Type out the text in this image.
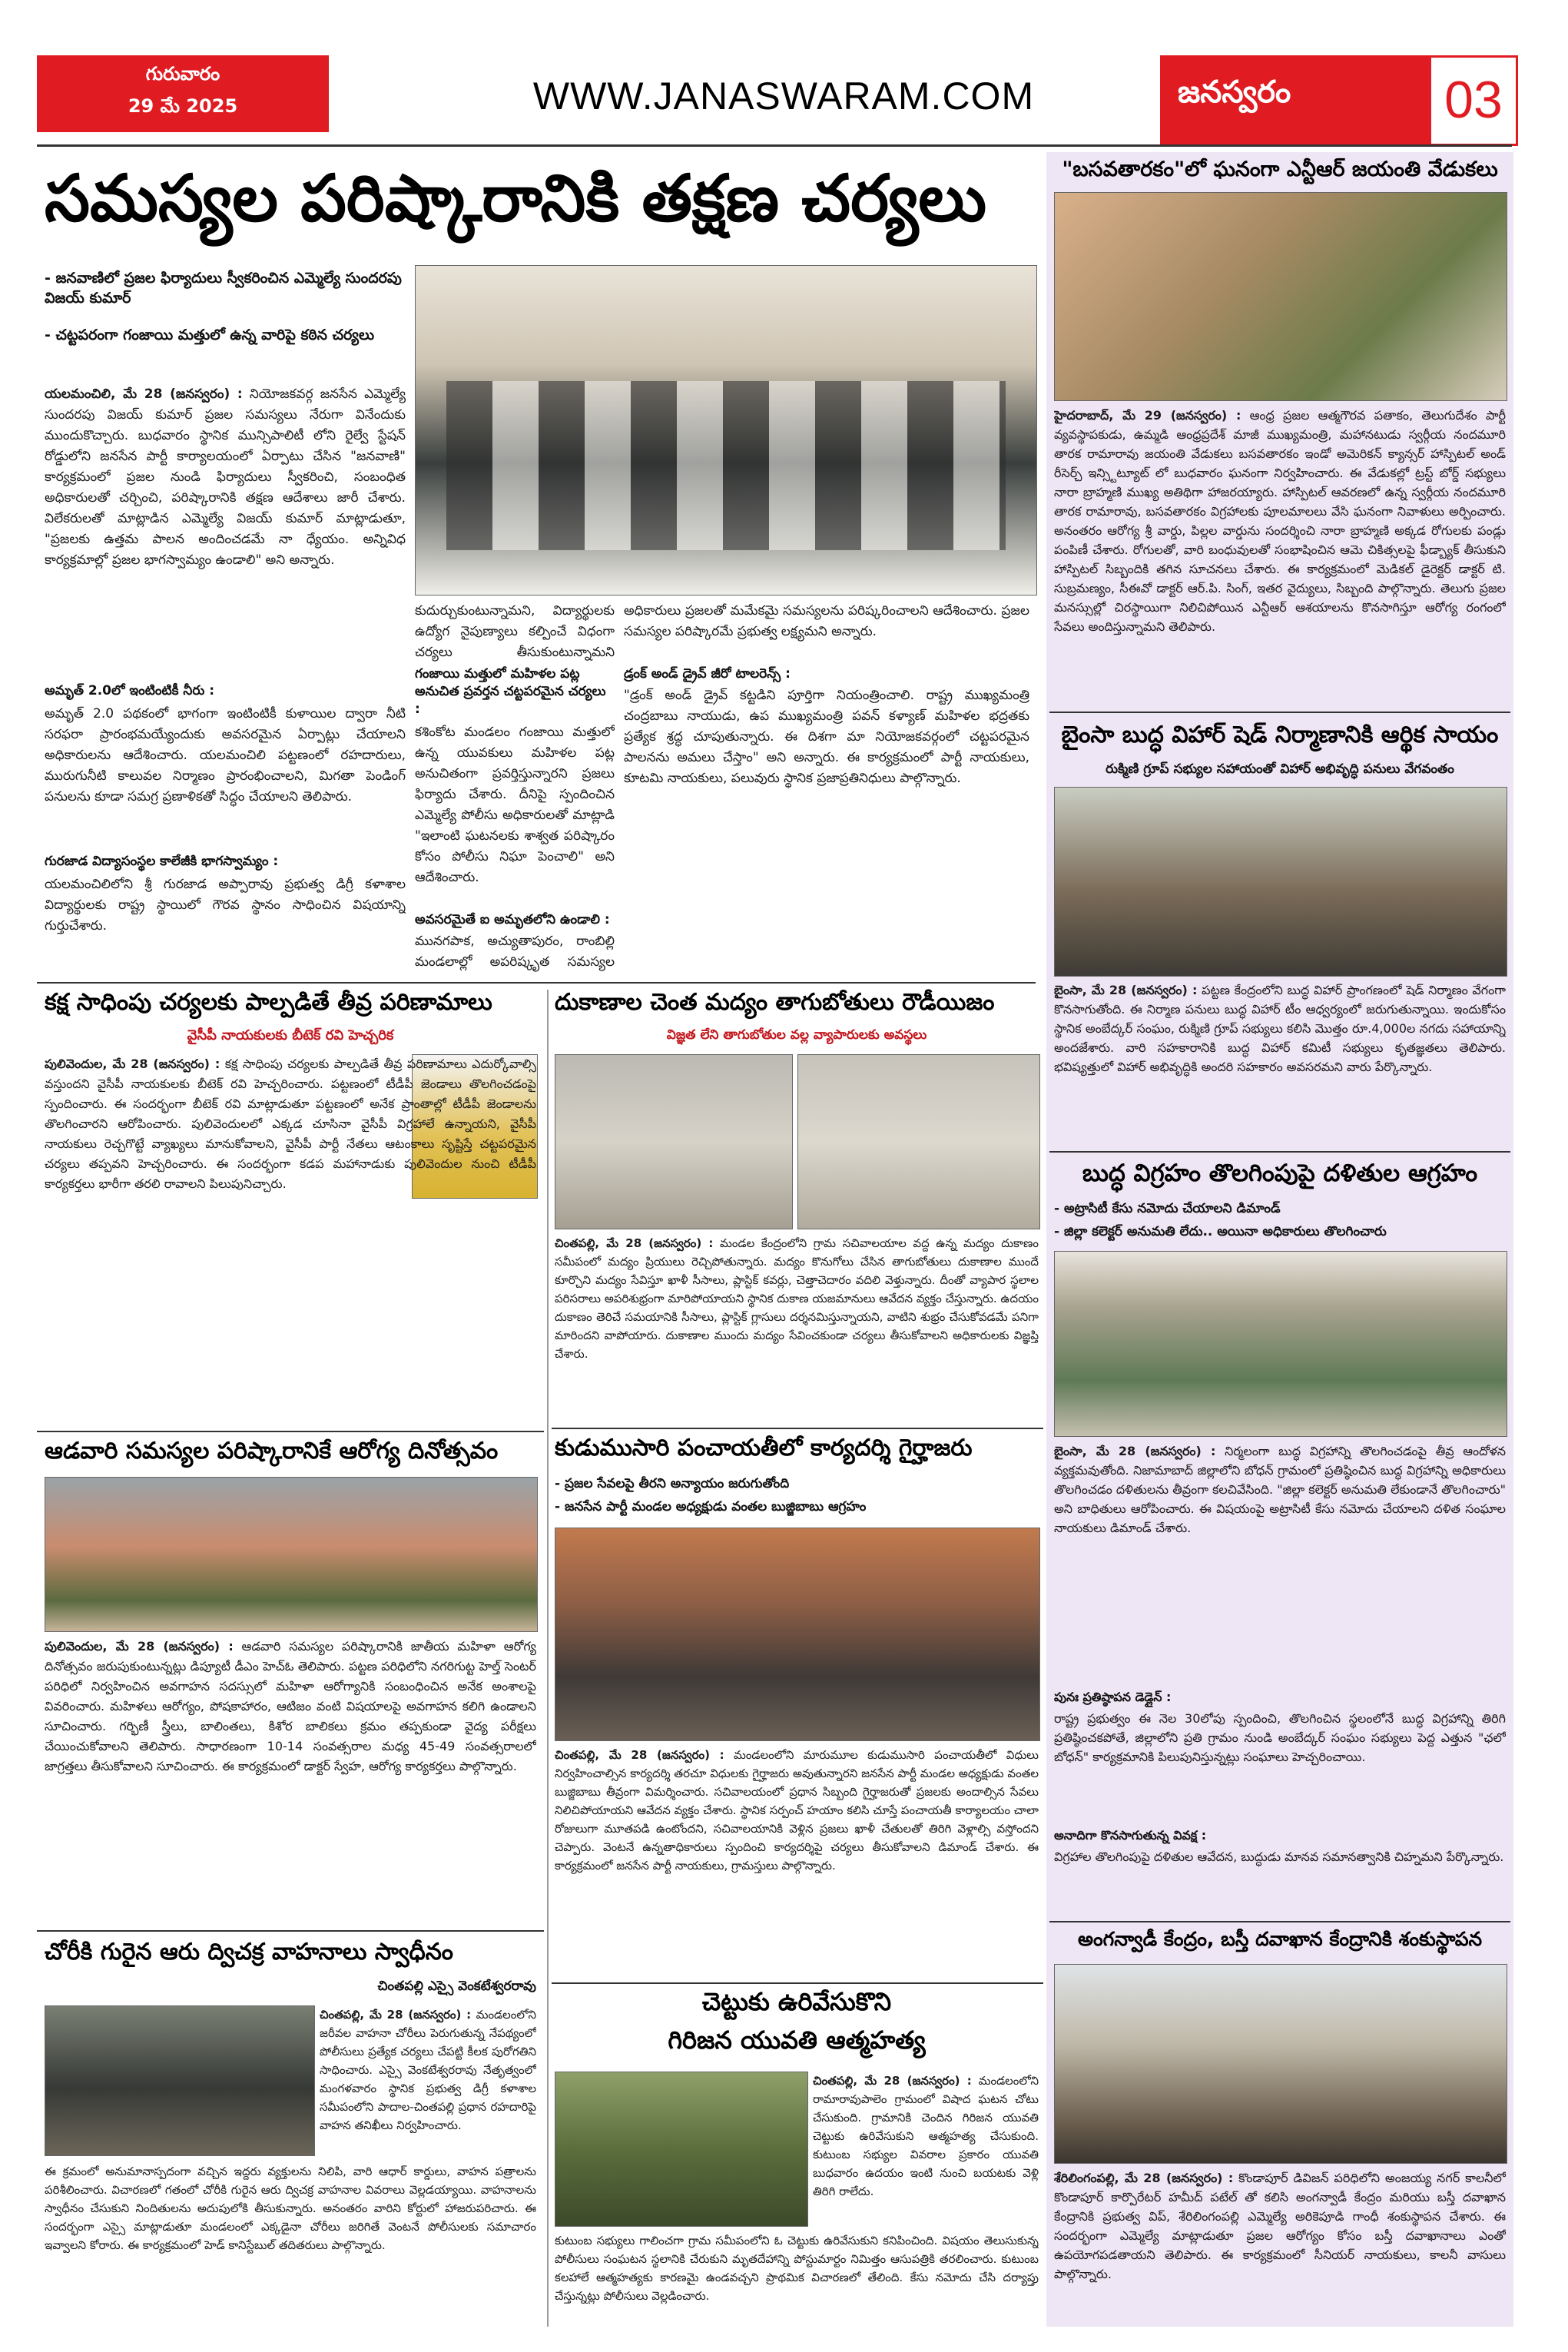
గురువారం
29 మే 2025	WWW.JANASWARAM.COM	జనస్వరం	03
సమస్యల పరిష్కారానికి తక్షణ చర్యలు
- జనవాణిలో ప్రజల ఫిర్యాదులు స్వీకరించిన ఎమ్మెల్యే సుందరపు విజయ్ కుమార్
- చట్టపరంగా గంజాయి మత్తులో ఉన్న వారిపై కఠిన చర్యలు
యలమంచిలి, మే 28 (జనస్వరం) : నియోజకవర్గ జనసేన ఎమ్మెల్యే సుందరపు విజయ్ కుమార్ ప్రజల సమస్యలు నేరుగా వినేందుకు ముందుకొచ్చారు. బుధవారం స్థానిక మున్సిపాలిటీ లోని రైల్వే స్టేషన్ రోడ్డులోని జనసేన పార్టీ కార్యాలయంలో ఏర్పాటు చేసిన "జనవాణి" కార్యక్రమంలో ప్రజల నుండి ఫిర్యాదులు స్వీకరించి, సంబంధిత అధికారులతో చర్చించి, పరిష్కారానికి తక్షణ ఆదేశాలు జారీ చేశారు. విలేకరులతో మాట్లాడిన ఎమ్మెల్యే విజయ్ కుమార్ మాట్లాడుతూ, "ప్రజలకు ఉత్తమ పాలన అందించడమే నా ధ్యేయం. అన్నివిధ కార్యక్రమాల్లో ప్రజల భాగస్వామ్యం ఉండాలి" అని అన్నారు.
అమృత్ 2.0లో ఇంటింటికీ నీరు :
అమృత్ 2.0 పథకంలో భాగంగా ఇంటింటికీ కుళాయిల ద్వారా నీటి సరఫరా ప్రారంభమయ్యేందుకు అవసరమైన ఏర్పాట్లు చేయాలని అధికారులను ఆదేశించారు. యలమంచిలి పట్టణంలో రహదారులు, మురుగునీటి కాలువల నిర్మాణం ప్రారంభించాలని, మిగతా పెండింగ్ పనులను కూడా సమగ్ర ప్రణాళికతో సిద్ధం చేయాలని తెలిపారు.
గురజాడ విద్యాసంస్థల కాలేజీకి భాగస్వామ్యం :
యలమంచిలిలోని శ్రీ గురజాడ అప్పారావు ప్రభుత్వ డిగ్రీ కళాశాల విద్యార్థులకు రాష్ట్ర స్థాయిలో గౌరవ స్థానం సాధించిన విషయాన్ని గుర్తుచేశారు.
కుదుర్చుకుంటున్నామని, విద్యార్థులకు ఉద్యోగ నైపుణ్యాలు కల్పించే విధంగా చర్యలు తీసుకుంటున్నామని
గంజాయి మత్తులో మహిళల పట్ల అనుచిత ప్రవర్తన చట్టపరమైన చర్యలు :
కశింకోట మండలం గంజాయి మత్తులో ఉన్న యువకులు మహిళల పట్ల అనుచితంగా ప్రవర్తిస్తున్నారని ప్రజలు ఫిర్యాదు చేశారు. దీనిపై స్పందించిన ఎమ్మెల్యే పోలీసు అధికారులతో మాట్లాడి "ఇలాంటి ఘటనలకు శాశ్వత పరిష్కారం కోసం పోలీసు నిఘా పెంచాలి" అని ఆదేశించారు.
అవసరమైతే ఐ అమృతలోని ఉండాలి :
మునగపాక, అచ్యుతాపురం, రాంబిల్లి మండలాల్లో అపరిష్కృత సమస్యల
అధికారులు ప్రజలతో మమేకమై సమస్యలను పరిష్కరించాలని ఆదేశించారు. ప్రజల సమస్యల పరిష్కారమే ప్రభుత్వ లక్ష్యమని అన్నారు.
డ్రంక్ అండ్ డ్రైవ్ జీరో టాలరెన్స్ :
"డ్రంక్ అండ్ డ్రైవ్ కట్టడిని పూర్తిగా నియంత్రించాలి. రాష్ట్ర ముఖ్యమంత్రి చంద్రబాబు నాయుడు, ఉప ముఖ్యమంత్రి పవన్ కళ్యాణ్ మహిళల భద్రతకు ప్రత్యేక శ్రద్ధ చూపుతున్నారు. ఈ దిశగా మా నియోజకవర్గంలో చట్టపరమైన పాలనను అమలు చేస్తాం" అని అన్నారు. ఈ కార్యక్రమంలో పార్టీ నాయకులు, కూటమి నాయకులు, పలువురు స్థానిక ప్రజాప్రతినిధులు పాల్గొన్నారు.
"బసవతారకం"లో ఘనంగా ఎన్టీఆర్ జయంతి వేడుకలు
హైదరాబాద్, మే 29 (జనస్వరం) : ఆంధ్ర ప్రజల ఆత్మగౌరవ పతాకం, తెలుగుదేశం పార్టీ వ్యవస్థాపకుడు, ఉమ్మడి ఆంధ్రప్రదేశ్ మాజీ ముఖ్యమంత్రి, మహానటుడు స్వర్గీయ నందమూరి తారక రామారావు జయంతి వేడుకలు బసవతారకం ఇండో అమెరికన్ క్యాన్సర్ హాస్పిటల్ అండ్ రీసెర్చ్ ఇన్స్టిట్యూట్ లో బుధవారం ఘనంగా నిర్వహించారు. ఈ వేడుకల్లో ట్రస్ట్ బోర్డ్ సభ్యులు నారా బ్రాహ్మణి ముఖ్య అతిథిగా హాజరయ్యారు. హాస్పిటల్ ఆవరణలో ఉన్న స్వర్గీయ నందమూరి తారక రామారావు, బసవతారకం విగ్రహాలకు పూలమాలలు వేసి ఘనంగా నివాళులు అర్పించారు. అనంతరం ఆరోగ్య శ్రీ వార్డు, పిల్లల వార్డును సందర్శించి నారా బ్రాహ్మణి అక్కడ రోగులకు పండ్లు పంపిణీ చేశారు. రోగులతో, వారి బంధువులతో సంభాషించిన ఆమె చికిత్సలపై ఫీడ్బ్యాక్ తీసుకుని హాస్పిటల్ సిబ్బందికి తగిన సూచనలు చేశారు. ఈ కార్యక్రమంలో మెడికల్ డైరెక్టర్ డాక్టర్ టి. సుబ్రమణ్యం, సీఈవో డాక్టర్ ఆర్.పి. సింగ్, ఇతర వైద్యులు, సిబ్బంది పాల్గొన్నారు. తెలుగు ప్రజల మనస్సుల్లో చిరస్థాయిగా నిలిచిపోయిన ఎన్టీఆర్ ఆశయాలను కొనసాగిస్తూ ఆరోగ్య రంగంలో సేవలు అందిస్తున్నామని తెలిపారు.
బైంసా బుద్ధ విహార్ షెడ్ నిర్మాణానికి ఆర్థిక సాయం
రుక్మిణి గ్రూప్ సభ్యుల సహాయంతో విహార్ అభివృద్ధి పనులు వేగవంతం
బైంసా, మే 28 (జనస్వరం) : పట్టణ కేంద్రంలోని బుద్ధ విహార్ ప్రాంగణంలో షెడ్ నిర్మాణం వేగంగా కొనసాగుతోంది. ఈ నిర్మాణ పనులు బుద్ధ విహార్ టీం ఆధ్వర్యంలో జరుగుతున్నాయి. ఇందుకోసం స్థానిక అంబేద్కర్ సంఘం, రుక్మిణి గ్రూప్ సభ్యులు కలిసి మొత్తం రూ.4,000ల నగదు సహాయాన్ని అందజేశారు. వారి సహకారానికి బుద్ధ విహార్ కమిటీ సభ్యులు కృతజ్ఞతలు తెలిపారు. భవిష్యత్తులో విహార్ అభివృద్ధికి అందరి సహకారం అవసరమని వారు పేర్కొన్నారు.
బుద్ధ విగ్రహం తొలగింపుపై దళితుల ఆగ్రహం
- అట్రాసిటీ కేసు నమోదు చేయాలని డిమాండ్
- జిల్లా కలెక్టర్ అనుమతి లేదు.. అయినా అధికారులు తొలగించారు
బైంసా, మే 28 (జనస్వరం) : నిర్మలంగా బుద్ధ విగ్రహాన్ని తొలగించడంపై తీవ్ర ఆందోళన వ్యక్తమవుతోంది. నిజామాబాద్ జిల్లాలోని బోధన్ గ్రామంలో ప్రతిష్ఠించిన బుద్ధ విగ్రహాన్ని అధికారులు తొలగించడం దళితులను తీవ్రంగా కలచివేసింది. "జిల్లా కలెక్టర్ అనుమతి లేకుండానే తొలగించారు" అని బాధితులు ఆరోపించారు. ఈ విషయంపై అట్రాసిటీ కేసు నమోదు చేయాలని దళిత సంఘాల నాయకులు డిమాండ్ చేశారు.
పునః ప్రతిష్ఠాపన డెడ్లైన్ :
రాష్ట్ర ప్రభుత్వం ఈ నెల 30లోపు స్పందించి, తొలగించిన స్థలంలోనే బుద్ధ విగ్రహాన్ని తిరిగి ప్రతిష్ఠించకపోతే, జిల్లాలోని ప్రతి గ్రామం నుండి అంబేద్కర్ సంఘం సభ్యులు పెద్ద ఎత్తున "ఛలో బోధన్" కార్యక్రమానికి పిలుపునిస్తున్నట్లు సంఘాలు హెచ్చరించాయి.
అనాదిగా కొనసాగుతున్న వివక్ష :
విగ్రహాల తొలగింపుపై దళితుల ఆవేదన, బుద్ధుడు మానవ సమానత్వానికి చిహ్నమని పేర్కొన్నారు.
అంగన్వాడీ కేంద్రం, బస్తీ దవాఖాన కేంద్రానికి శంకుస్థాపన
శేరిలింగంపల్లి, మే 28 (జనస్వరం) : కొండాపూర్ డివిజన్ పరిధిలోని అంజయ్య నగర్ కాలనీలో కొండాపూర్ కార్పొరేటర్ హమీద్ పటేల్ తో కలిసి అంగన్వాడీ కేంద్రం మరియు బస్తీ దవాఖాన కేంద్రానికి ప్రభుత్వ విప్, శేరిలింగంపల్లి ఎమ్మెల్యే అరికెపూడి గాంధీ శంకుస్థాపన చేశారు. ఈ సందర్భంగా ఎమ్మెల్యే మాట్లాడుతూ ప్రజల ఆరోగ్యం కోసం బస్తీ దవాఖానాలు ఎంతో ఉపయోగపడతాయని తెలిపారు. ఈ కార్యక్రమంలో సీనియర్ నాయకులు, కాలనీ వాసులు పాల్గొన్నారు.
కక్ష సాధింపు చర్యలకు పాల్పడితే తీవ్ర పరిణామాలు
వైసీపీ నాయకులకు బీటెక్ రవి హెచ్చరిక
పులివెందుల, మే 28 (జనస్వరం) : కక్ష సాధింపు చర్యలకు పాల్పడితే తీవ్ర పరిణామాలు ఎదుర్కోవాల్సి వస్తుందని వైసీపీ నాయకులకు బీటెక్ రవి హెచ్చరించారు. పట్టణంలో టీడీపీ జెండాలు తొలగించడంపై స్పందించారు. ఈ సందర్భంగా బీటెక్ రవి మాట్లాడుతూ పట్టణంలో అనేక ప్రాంతాల్లో టీడీపీ జెండాలను తొలగించారని ఆరోపించారు. పులివెందులలో ఎక్కడ చూసినా వైసీపీ విగ్రహాలే ఉన్నాయని, వైసీపీ నాయకులు రెచ్చగొట్టే వ్యాఖ్యలు మానుకోవాలని, వైసీపీ పార్టీ నేతలు ఆటంకాలు సృష్టిస్తే చట్టపరమైన చర్యలు తప్పవని హెచ్చరించారు. ఈ సందర్భంగా కడప మహానాడుకు పులివెందుల నుంచి టీడీపీ కార్యకర్తలు భారీగా తరలి రావాలని పిలుపునిచ్చారు.
ఆడవారి సమస్యల పరిష్కారానికే ఆరోగ్య దినోత్సవం
పులివెందుల, మే 28 (జనస్వరం) : ఆడవారి సమస్యల పరిష్కారానికి జాతీయ మహిళా ఆరోగ్య దినోత్సవం జరుపుకుంటున్నట్లు డిప్యూటీ డీఎం హెచ్ఓ తెలిపారు. పట్టణ పరిధిలోని నగరిగుట్ట హెల్త్ సెంటర్ పరిధిలో నిర్వహించిన అవగాహన సదస్సులో మహిళా ఆరోగ్యానికి సంబంధించిన అనేక అంశాలపై వివరించారు. మహిళలు ఆరోగ్యం, పోషకాహారం, ఆటిజం వంటి విషయాలపై అవగాహన కలిగి ఉండాలని సూచించారు. గర్భిణీ స్త్రీలు, బాలింతలు, కిశోర బాలికలు క్రమం తప్పకుండా వైద్య పరీక్షలు చేయించుకోవాలని తెలిపారు. సాధారణంగా 10-14 సంవత్సరాల మధ్య 45-49 సంవత్సరాలలో జాగ్రత్తలు తీసుకోవాలని సూచించారు. ఈ కార్యక్రమంలో డాక్టర్ స్వేహ, ఆరోగ్య కార్యకర్తలు పాల్గొన్నారు.
చోరీకి గురైన ఆరు ద్విచక్ర వాహనాలు స్వాధీనం
చింతపల్లి ఎస్సై వెంకటేశ్వరరావు
చింతపల్లి, మే 28 (జనస్వరం) : మండలంలోని జరీవల వాహనా చోరీలు పెరుగుతున్న నేపథ్యంలో పోలీసులు ప్రత్యేక చర్యలు చేపట్టి కీలక పురోగతిని సాధించారు. ఎస్సై వెంకటేశ్వరరావు నేతృత్వంలో మంగళవారం స్థానిక ప్రభుత్వ డిగ్రీ కళాశాల సమీపంలోని పాదాల-చింతపల్లి ప్రధాన రహదారిపై వాహన తనిఖీలు నిర్వహించారు.
ఈ క్రమంలో అనుమానాస్పదంగా వచ్చిన ఇద్దరు వ్యక్తులను నిలిపి, వారి ఆధార్ కార్డులు, వాహన పత్రాలను పరిశీలించారు. విచారణలో గతంలో చోరీకి గురైన ఆరు ద్విచక్ర వాహనాల వివరాలు వెల్లడయ్యాయి. వాహనాలను స్వాధీనం చేసుకుని నిందితులను అదుపులోకి తీసుకున్నారు. అనంతరం వారిని కోర్టులో హాజరుపరిచారు. ఈ సందర్భంగా ఎస్సై మాట్లాడుతూ మండలంలో ఎక్కడైనా చోరీలు జరిగితే వెంటనే పోలీసులకు సమాచారం ఇవ్వాలని కోరారు. ఈ కార్యక్రమంలో హెడ్ కానిస్టేబుల్ తదితరులు పాల్గొన్నారు.
దుకాణాల చెంత మద్యం తాగుబోతులు రౌడీయిజం
విజ్ఞత లేని తాగుబోతుల వల్ల వ్యాపారులకు అవస్థలు
చింతపల్లి, మే 28 (జనస్వరం) : మండల కేంద్రంలోని గ్రామ సచివాలయాల వద్ద ఉన్న మద్యం దుకాణం సమీపంలో మద్యం ప్రియులు రెచ్చిపోతున్నారు. మద్యం కొనుగోలు చేసిన తాగుబోతులు దుకాణాల ముందే కూర్చొని మద్యం సేవిస్తూ ఖాళీ సీసాలు, ప్లాస్టిక్ కవర్లు, చెత్తాచెదారం వదిలి వెళ్తున్నారు. దీంతో వ్యాపార స్థలాల పరిసరాలు అపరిశుభ్రంగా మారిపోయాయని స్థానిక దుకాణ యజమానులు ఆవేదన వ్యక్తం చేస్తున్నారు. ఉదయం దుకాణం తెరిచే సమయానికి సీసాలు, ప్లాస్టిక్ గ్లాసులు దర్శనమిస్తున్నాయని, వాటిని శుభ్రం చేసుకోవడమే పనిగా మారిందని వాపోయారు. దుకాణాల ముందు మద్యం సేవించకుండా చర్యలు తీసుకోవాలని అధికారులకు విజ్ఞప్తి చేశారు.
కుడుముసారి పంచాయతీలో కార్యదర్శి గైర్హాజరు
- ప్రజల సేవలపై తీరని అన్యాయం జరుగుతోంది
- జనసేన పార్టీ మండల అధ్యక్షుడు వంతల బుజ్జిబాబు ఆగ్రహం
చింతపల్లి, మే 28 (జనస్వరం) : మండలంలోని మారుమూల కుడుముసారి పంచాయతీలో విధులు నిర్వహించాల్సిన కార్యదర్శి తరచూ విధులకు గైర్హాజరు అవుతున్నారని జనసేన పార్టీ మండల అధ్యక్షుడు వంతల బుజ్జిబాబు తీవ్రంగా విమర్శించారు. సచివాలయంలో ప్రధాన సిబ్బంది గైర్హాజరుతో ప్రజలకు అందాల్సిన సేవలు నిలిచిపోయాయని ఆవేదన వ్యక్తం చేశారు. స్థానిక సర్పంచ్ హయాం కలిసి చూస్తే పంచాయతీ కార్యాలయం చాలా రోజులుగా మూతపడి ఉంటోందని, సచివాలయానికి వెళ్లిన ప్రజలు ఖాళీ చేతులతో తిరిగి వెళ్లాల్సి వస్తోందని చెప్పారు. వెంటనే ఉన్నతాధికారులు స్పందించి కార్యదర్శిపై చర్యలు తీసుకోవాలని డిమాండ్ చేశారు. ఈ కార్యక్రమంలో జనసేన పార్టీ నాయకులు, గ్రామస్తులు పాల్గొన్నారు.
చెట్టుకు ఉరివేసుకొని
గిరిజన యువతి ఆత్మహత్య
చింతపల్లి, మే 28 (జనస్వరం) : మండలంలోని రామారావుపాలెం గ్రామంలో విషాద ఘటన చోటు చేసుకుంది. గ్రామానికి చెందిన గిరిజన యువతి చెట్టుకు ఉరివేసుకుని ఆత్మహత్య చేసుకుంది. కుటుంబ సభ్యుల వివరాల ప్రకారం యువతి బుధవారం ఉదయం ఇంటి నుంచి బయటకు వెళ్లి తిరిగి రాలేదు.
కుటుంబ సభ్యులు గాలించగా గ్రామ సమీపంలోని ఓ చెట్టుకు ఉరివేసుకుని కనిపించింది. విషయం తెలుసుకున్న పోలీసులు సంఘటన స్థలానికి చేరుకుని మృతదేహాన్ని పోస్టుమార్టం నిమిత్తం ఆసుపత్రికి తరలించారు. కుటుంబ కలహాలే ఆత్మహత్యకు కారణమై ఉండవచ్చని ప్రాథమిక విచారణలో తేలింది. కేసు నమోదు చేసి దర్యాప్తు చేస్తున్నట్లు పోలీసులు వెల్లడించారు.
